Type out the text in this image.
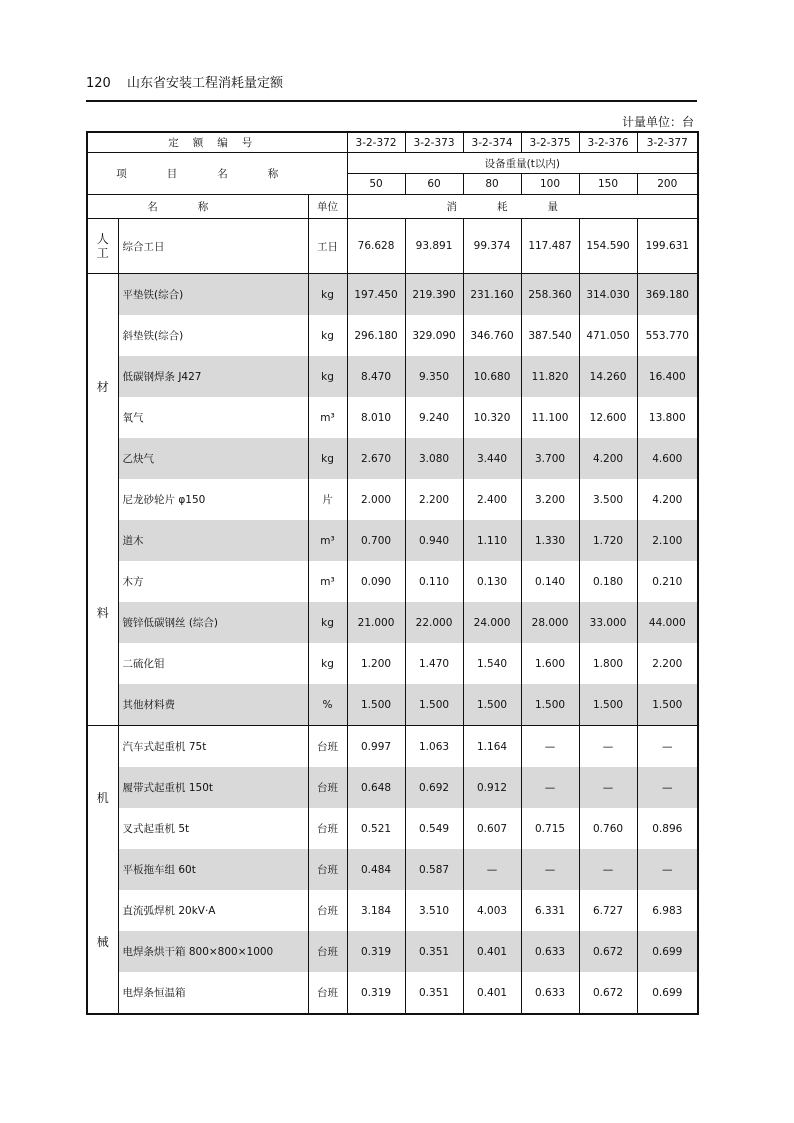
120 山东省安装工程消耗量定额
计量单位：台
定额编号			3-2-372	3-2-373	3-2-374	3-2-375	3-2-376	3-2-377
项目名称			设备重量(t以内)					
			50	60	80	100	150	200
名称		单位	消耗量					

人
工	综合工日	工日	76.628	93.891	99.374	117.487	154.590	199.631

材
料	平垫铁(综合)	kg	197.450	219.390	231.160	258.360	314.030	369.180
	斜垫铁(综合)	kg	296.180	329.090	346.760	387.540	471.050	553.770
	低碳钢焊条 J427	kg	8.470	9.350	10.680	11.820	14.260	16.400
	氧气	m³	8.010	9.240	10.320	11.100	12.600	13.800
	乙炔气	kg	2.670	3.080	3.440	3.700	4.200	4.600
	尼龙砂轮片 φ150	片	2.000	2.200	2.400	3.200	3.500	4.200
	道木	m³	0.700	0.940	1.110	1.330	1.720	2.100
	木方	m³	0.090	0.110	0.130	0.140	0.180	0.210
	镀锌低碳钢丝 (综合)	kg	21.000	22.000	24.000	28.000	33.000	44.000
	二硫化钼	kg	1.200	1.470	1.540	1.600	1.800	2.200
	其他材料费	%	1.500	1.500	1.500	1.500	1.500	1.500

机
械	汽车式起重机 75t	台班	0.997	1.063	1.164	—	—	—
	履带式起重机 150t	台班	0.648	0.692	0.912	—	—	—
	叉式起重机 5t	台班	0.521	0.549	0.607	0.715	0.760	0.896
	平板拖车组 60t	台班	0.484	0.587	—	—	—	—
	直流弧焊机 20kV·A	台班	3.184	3.510	4.003	6.331	6.727	6.983
	电焊条烘干箱 800×800×1000	台班	0.319	0.351	0.401	0.633	0.672	0.699
	电焊条恒温箱	台班	0.319	0.351	0.401	0.633	0.672	0.699
